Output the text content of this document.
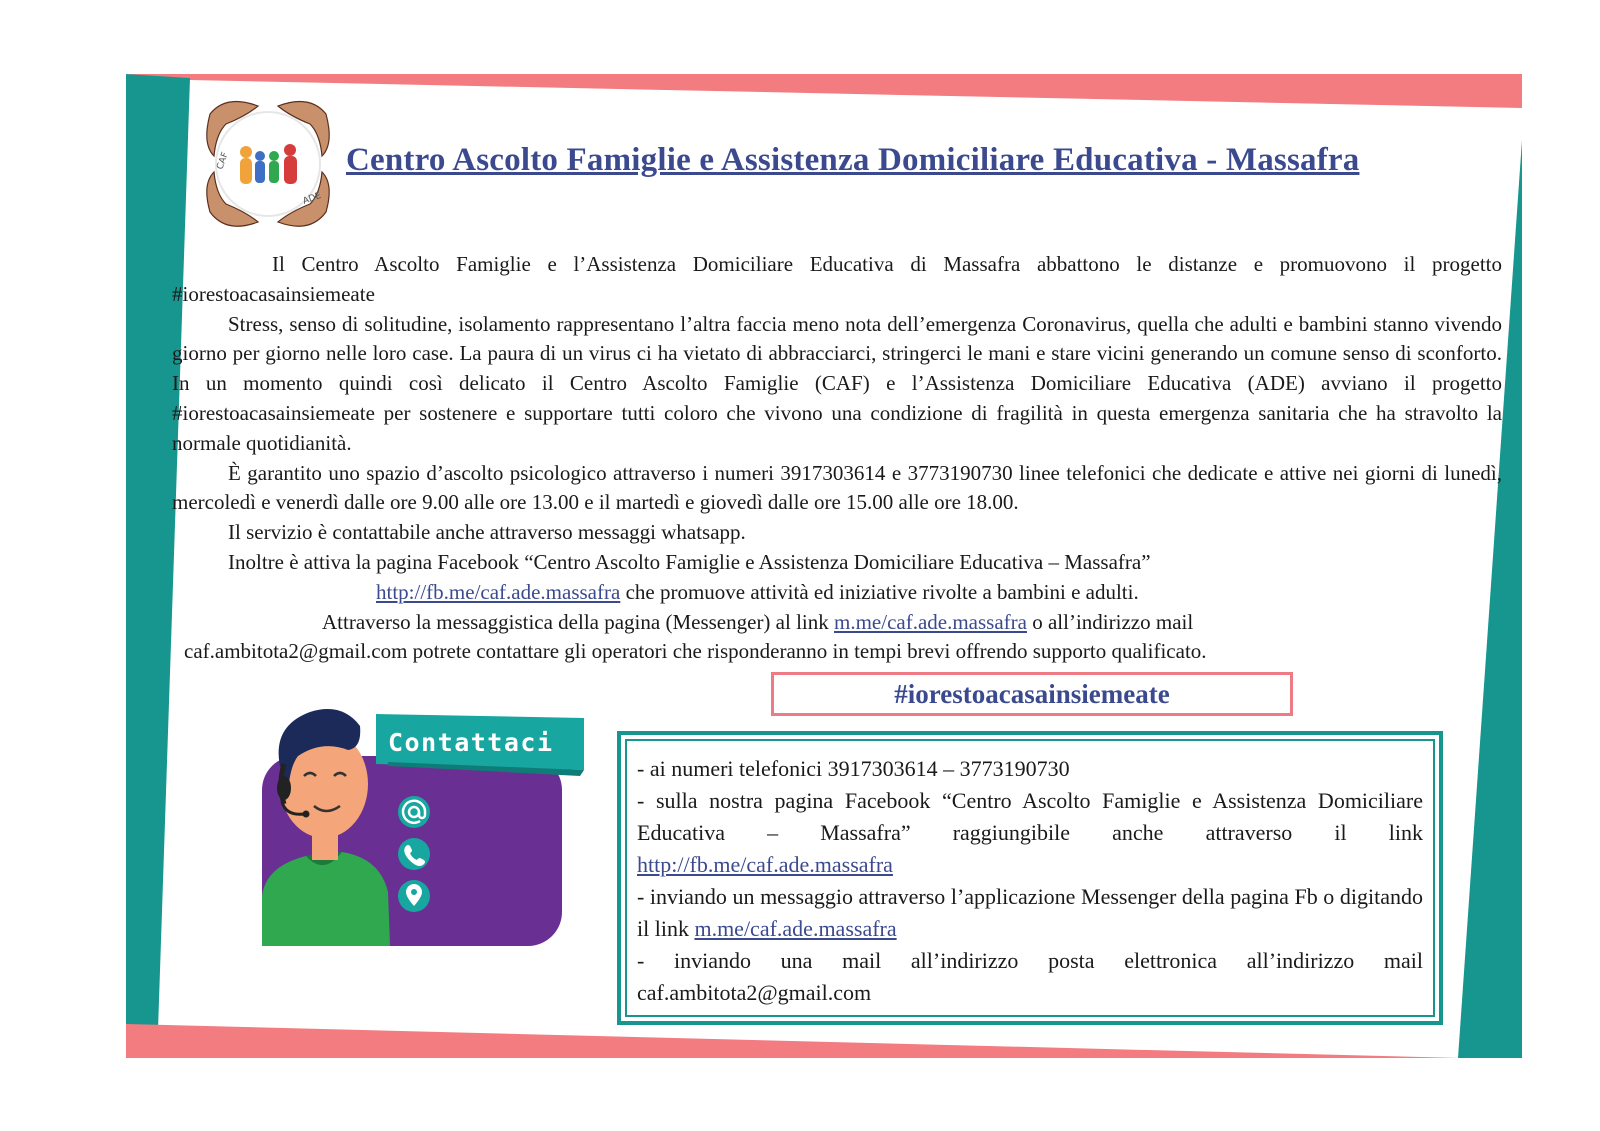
CAF
ADE
Centro Ascolto Famiglie e Assistenza Domiciliare Educativa - Massafra

Il Centro Ascolto Famiglie e l’Assistenza Domiciliare Educativa di Massafra abbattono le distanze e promuovono il progetto #iorestoacasainsiemeate

Stress, senso di solitudine, isolamento rappresentano l’altra faccia meno nota dell’emergenza Coronavirus, quella che adulti e bambini stanno vivendo giorno per giorno nelle loro case. La paura di un virus ci ha vietato di abbracciarci, stringerci le mani e stare vicini generando un comune senso di sconforto. In un momento quindi così delicato il Centro Ascolto Famiglie (CAF) e l’Assistenza Domiciliare Educativa (ADE) avviano il progetto #iorestoacasainsiemeate per sostenere e supportare tutti coloro che vivono una condizione di fragilità in questa emergenza sanitaria che ha stravolto la normale quotidianità.

È garantito uno spazio d’ascolto psicologico attraverso i numeri 3917303614 e 3773190730 linee telefonici che dedicate e attive nei giorni di lunedì, mercoledì e venerdì dalle ore 9.00 alle ore 13.00 e il martedì e giovedì dalle ore 15.00 alle ore 18.00.

Il servizio è contattabile anche attraverso messaggi whatsapp.

Inoltre è attiva la pagina Facebook “Centro Ascolto Famiglie e Assistenza Domiciliare Educativa – Massafra”

http://fb.me/caf.ade.massafra che promuove attività ed iniziative rivolte a bambini e adulti.

Attraverso la messaggistica della pagina (Messenger) al link m.me/caf.ade.massafra o all’indirizzo mail

caf.ambitota2@gmail.com potrete contattare gli operatori che risponderanno in tempi brevi offrendo supporto qualificato.

#iorestoacasainsiemeate
Contattaci

- ai numeri telefonici 3917303614 – 3773190730

- sulla nostra pagina Facebook “Centro Ascolto Famiglie e Assistenza Domiciliare Educativa – Massafra” raggiungibile anche attraverso il link http://fb.me/caf.ade.massafra

- inviando un messaggio attraverso l’applicazione Messenger della pagina Fb o digitando il link m.me/caf.ade.massafra

- inviando una mail all’indirizzo posta elettronica all’indirizzo mail caf.ambitota2@gmail.com
